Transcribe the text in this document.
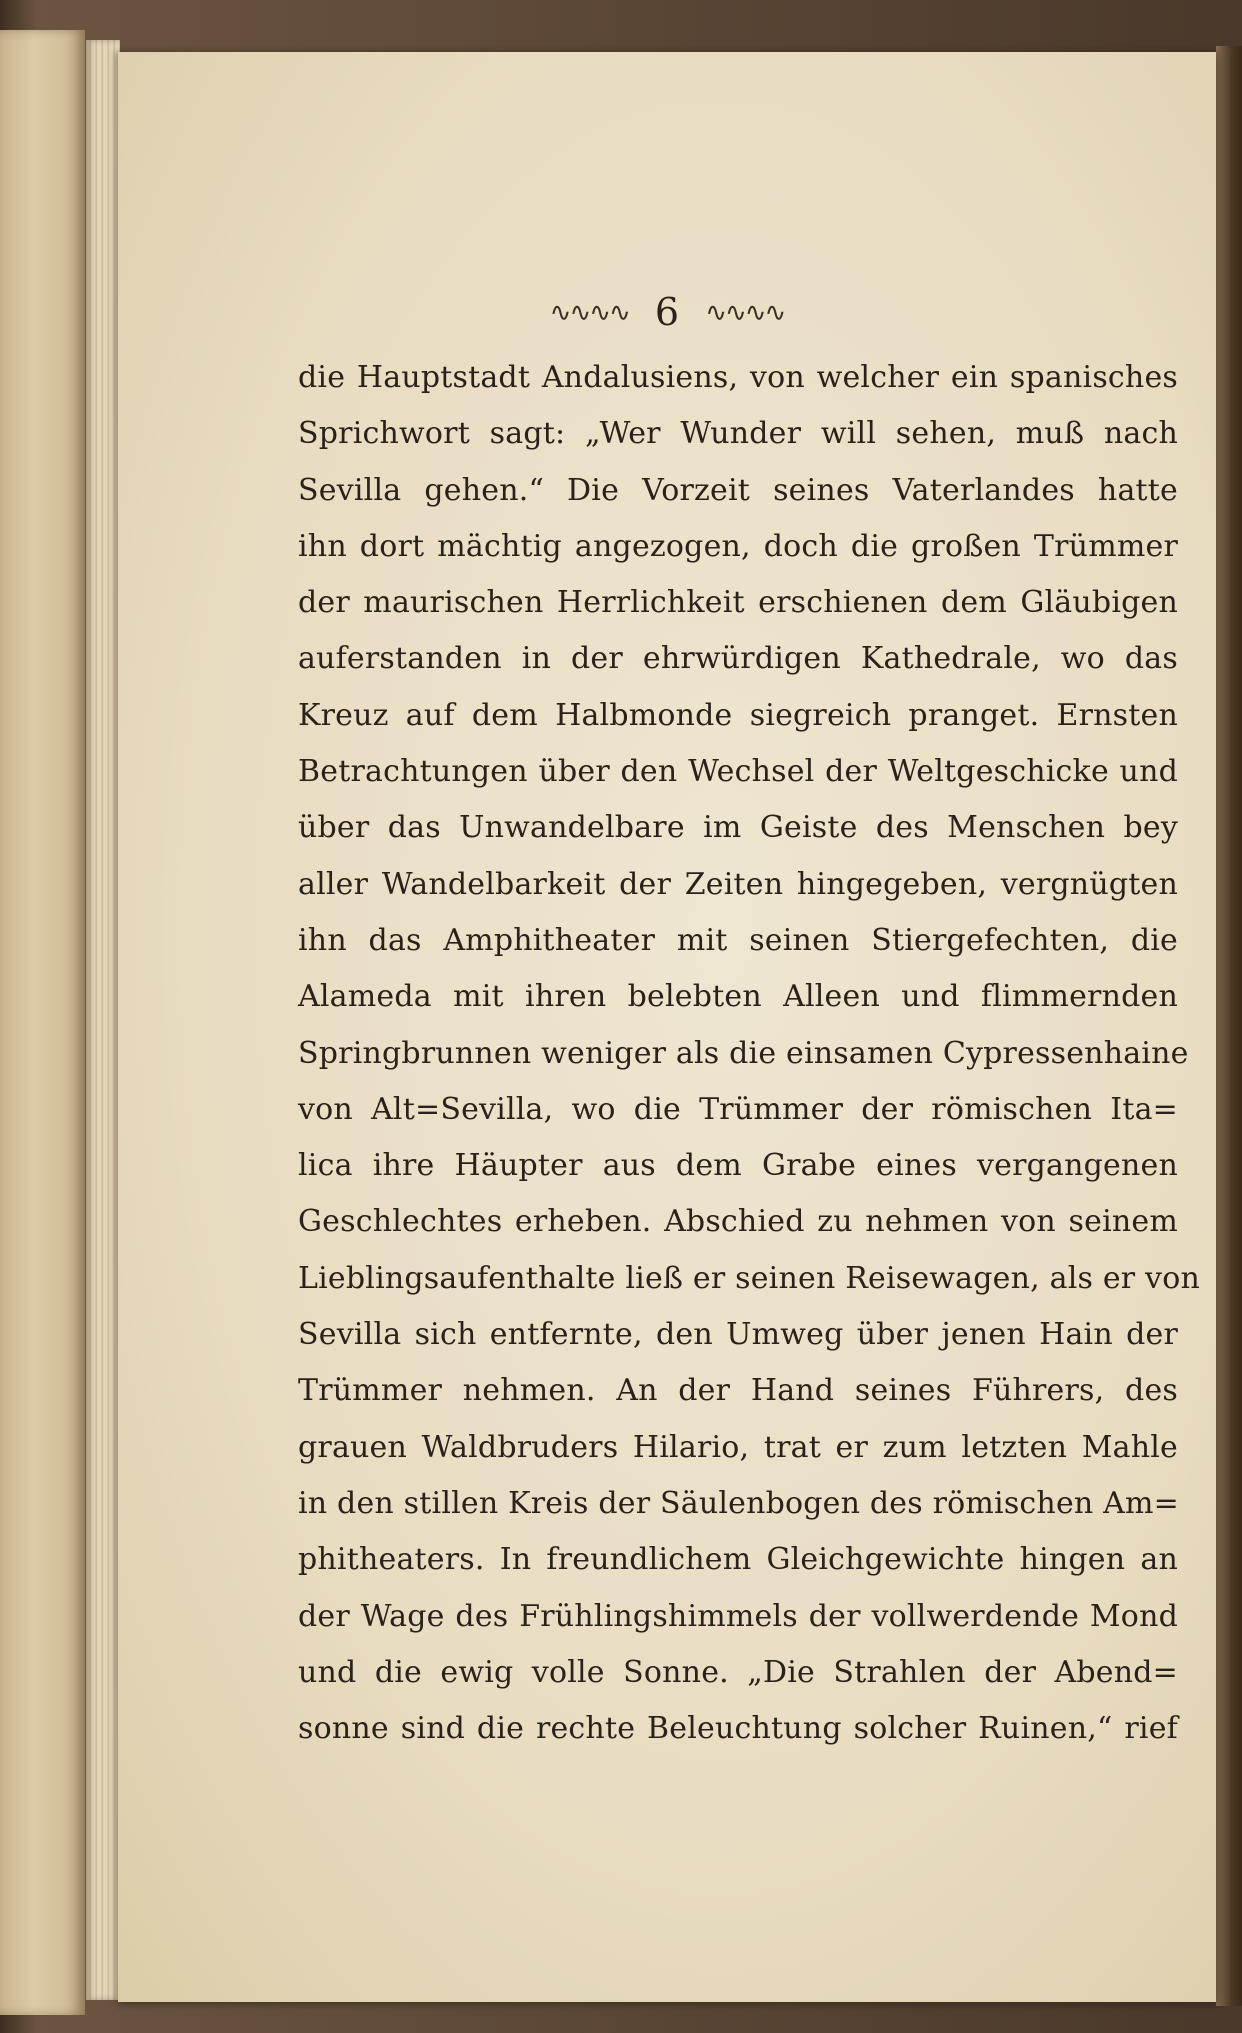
∿∿∿∿ 6 ∿∿∿∿
die Hauptstadt Andalusiens, von welcher ein spanisches
Sprichwort sagt: „Wer Wunder will sehen, muß nach
Sevilla gehen.“ Die Vorzeit seines Vaterlandes hatte
ihn dort mächtig angezogen, doch die großen Trümmer
der maurischen Herrlichkeit erschienen dem Gläubigen
auferstanden in der ehrwürdigen Kathedrale, wo das
Kreuz auf dem Halbmonde siegreich pranget. Ernsten
Betrachtungen über den Wechsel der Weltgeschicke und
über das Unwandelbare im Geiste des Menschen bey
aller Wandelbarkeit der Zeiten hingegeben, vergnügten
ihn das Amphitheater mit seinen Stiergefechten, die
Alameda mit ihren belebten Alleen und flimmernden
Springbrunnen weniger als die einsamen Cypressenhaine
von Alt=Sevilla, wo die Trümmer der römischen Ita=
lica ihre Häupter aus dem Grabe eines vergangenen
Geschlechtes erheben. Abschied zu nehmen von seinem
Lieblingsaufenthalte ließ er seinen Reisewagen, als er von
Sevilla sich entfernte, den Umweg über jenen Hain der
Trümmer nehmen. An der Hand seines Führers, des
grauen Waldbruders Hilario, trat er zum letzten Mahle
in den stillen Kreis der Säulenbogen des römischen Am=
phitheaters. In freundlichem Gleichgewichte hingen an
der Wage des Frühlingshimmels der vollwerdende Mond
und die ewig volle Sonne. „Die Strahlen der Abend=
sonne sind die rechte Beleuchtung solcher Ruinen,“ rief
